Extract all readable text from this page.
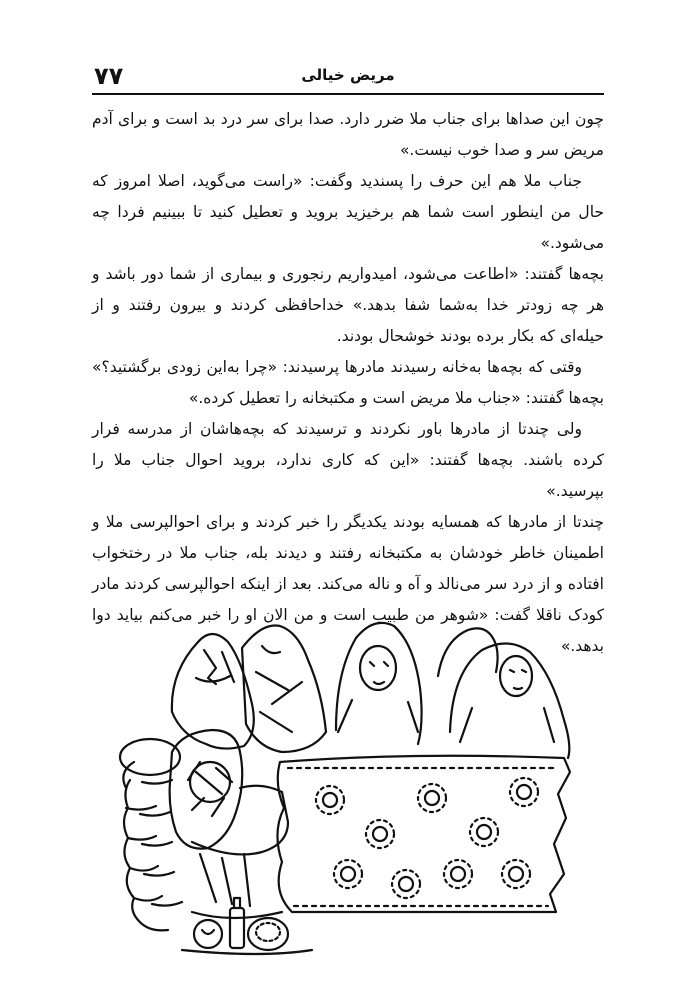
۷۷	مریض خیالی

چون این صداها برای جناب ملا ضرر دارد. صدا برای سر درد بد است و برای آدم مریض سر و صدا خوب نیست.»

جناب ملا هم این حرف را پسندید وگفت: «راست می‌گوید، اصلا امروز که حال من اینطور است شما هم برخیزید بروید و تعطیل کنید تا ببینیم فردا چه می‌شود.»

بچه‌ها گفتند: «اطاعت می‌شود، امیدواریم رنجوری و بیماری از شما دور باشد و هر چه زودتر خدا به‌شما شفا بدهد.» خداحافظی کردند و بیرون رفتند و از حیله‌ای که بکار برده بودند خوشحال بودند.

وقتی که بچه‌ها به‌خانه رسیدند مادرها پرسیدند: «چرا به‌این زودی برگشتید؟» بچه‌ها گفتند: «جناب ملا مریض است و مکتبخانه را تعطیل کرده.»

ولی چندتا از مادرها باور نکردند و ترسیدند که بچه‌هاشان از مدرسه فرار کرده باشند. بچه‌ها گفتند: «این که کاری ندارد، بروید احوال جناب ملا را بپرسید.»

چندتا از مادرها که همسایه بودند یکدیگر را خبر کردند و برای احوالپرسی ملا و اطمینان خاطر خودشان به مکتبخانه رفتند و دیدند بله، جناب ملا در رختخواب افتاده و از درد سر می‌نالد و آه و ناله می‌کند. بعد از اینکه احوالپرسی کردند مادر کودک ناقلا گفت: «شوهر من طبیب است و من الان او را خبر می‌کنم بیاید دوا بدهد.»
